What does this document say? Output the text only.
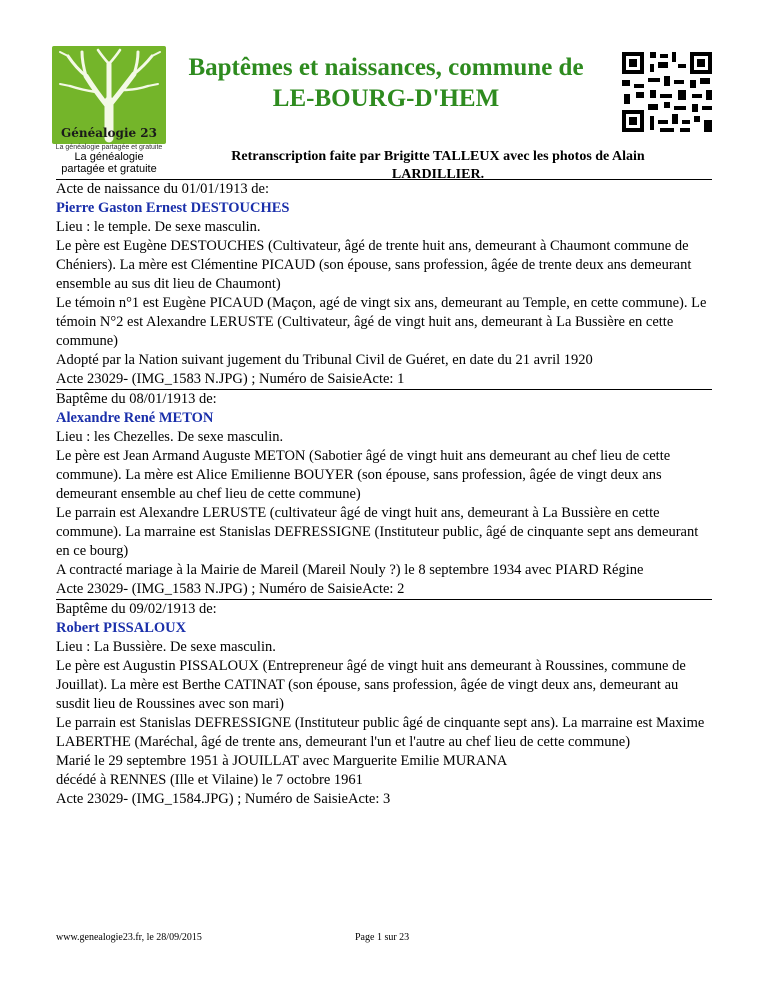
Généalogie 23
La généalogie partagée et gratuite
La généalogie
partagée et gratuite
Baptêmes et naissances, commune de
LE-BOURG-D'HEM
Retranscription faite par Brigitte TALLEUX avec les photos de Alain
LARDILLIER.

Acte de naissance du 01/01/1913 de:

Pierre Gaston Ernest DESTOUCHES

Lieu : le temple. De sexe masculin.

Le père est Eugène DESTOUCHES (Cultivateur, âgé de trente huit ans, demeurant à Chaumont commune de Chéniers). La mère est Clémentine PICAUD (son épouse, sans profession, âgée de trente deux ans demeurant ensemble au sus dit lieu de Chaumont)

Le témoin n°1 est Eugène PICAUD (Maçon, agé de vingt six ans, demeurant au Temple, en cette commune). Le témoin N°2 est Alexandre LERUSTE (Cultivateur, âgé de vingt huit ans, demeurant à La Bussière en cette commune)

Adopté par la Nation suivant jugement du Tribunal Civil de Guéret, en date du 21 avril 1920

Acte 23029- (IMG_1583 N.JPG) ; Numéro de SaisieActe: 1

Baptême du 08/01/1913 de:

Alexandre René METON

Lieu : les Chezelles. De sexe masculin.

Le père est Jean Armand Auguste METON (Sabotier âgé de vingt huit ans demeurant au chef lieu de cette commune). La mère est Alice Emilienne BOUYER (son épouse, sans profession, âgée de vingt deux ans demeurant ensemble au chef lieu de cette commune)

Le parrain est Alexandre LERUSTE (cultivateur âgé de vingt huit ans, demeurant à La Bussière en cette commune). La marraine est Stanislas DEFRESSIGNE (Instituteur public, âgé de cinquante sept ans demeurant en ce bourg)

A contracté mariage à la Mairie de Mareil (Mareil Nouly ?) le 8 septembre 1934 avec PIARD Régine

Acte 23029- (IMG_1583 N.JPG) ; Numéro de SaisieActe: 2

Baptême du 09/02/1913 de:

Robert PISSALOUX

Lieu : La Bussière. De sexe masculin.

Le père est Augustin PISSALOUX (Entrepreneur âgé de vingt huit ans demeurant à Roussines, commune de Jouillat). La mère est Berthe CATINAT (son épouse, sans profession, âgée de vingt deux ans, demeurant au susdit lieu de Roussines avec son mari)

Le parrain est Stanislas DEFRESSIGNE (Instituteur public âgé de cinquante sept ans). La marraine est Maxime LABERTHE (Maréchal, âgé de trente ans, demeurant l'un et l'autre au chef lieu de cette commune)

Marié le 29 septembre 1951 à JOUILLAT avec Marguerite Emilie MURANA

décédé à RENNES (Ille et Vilaine) le 7 octobre 1961

Acte 23029- (IMG_1584.JPG) ; Numéro de SaisieActe: 3

www.genealogie23.fr, le 28/09/2015	Page 1 sur 23
